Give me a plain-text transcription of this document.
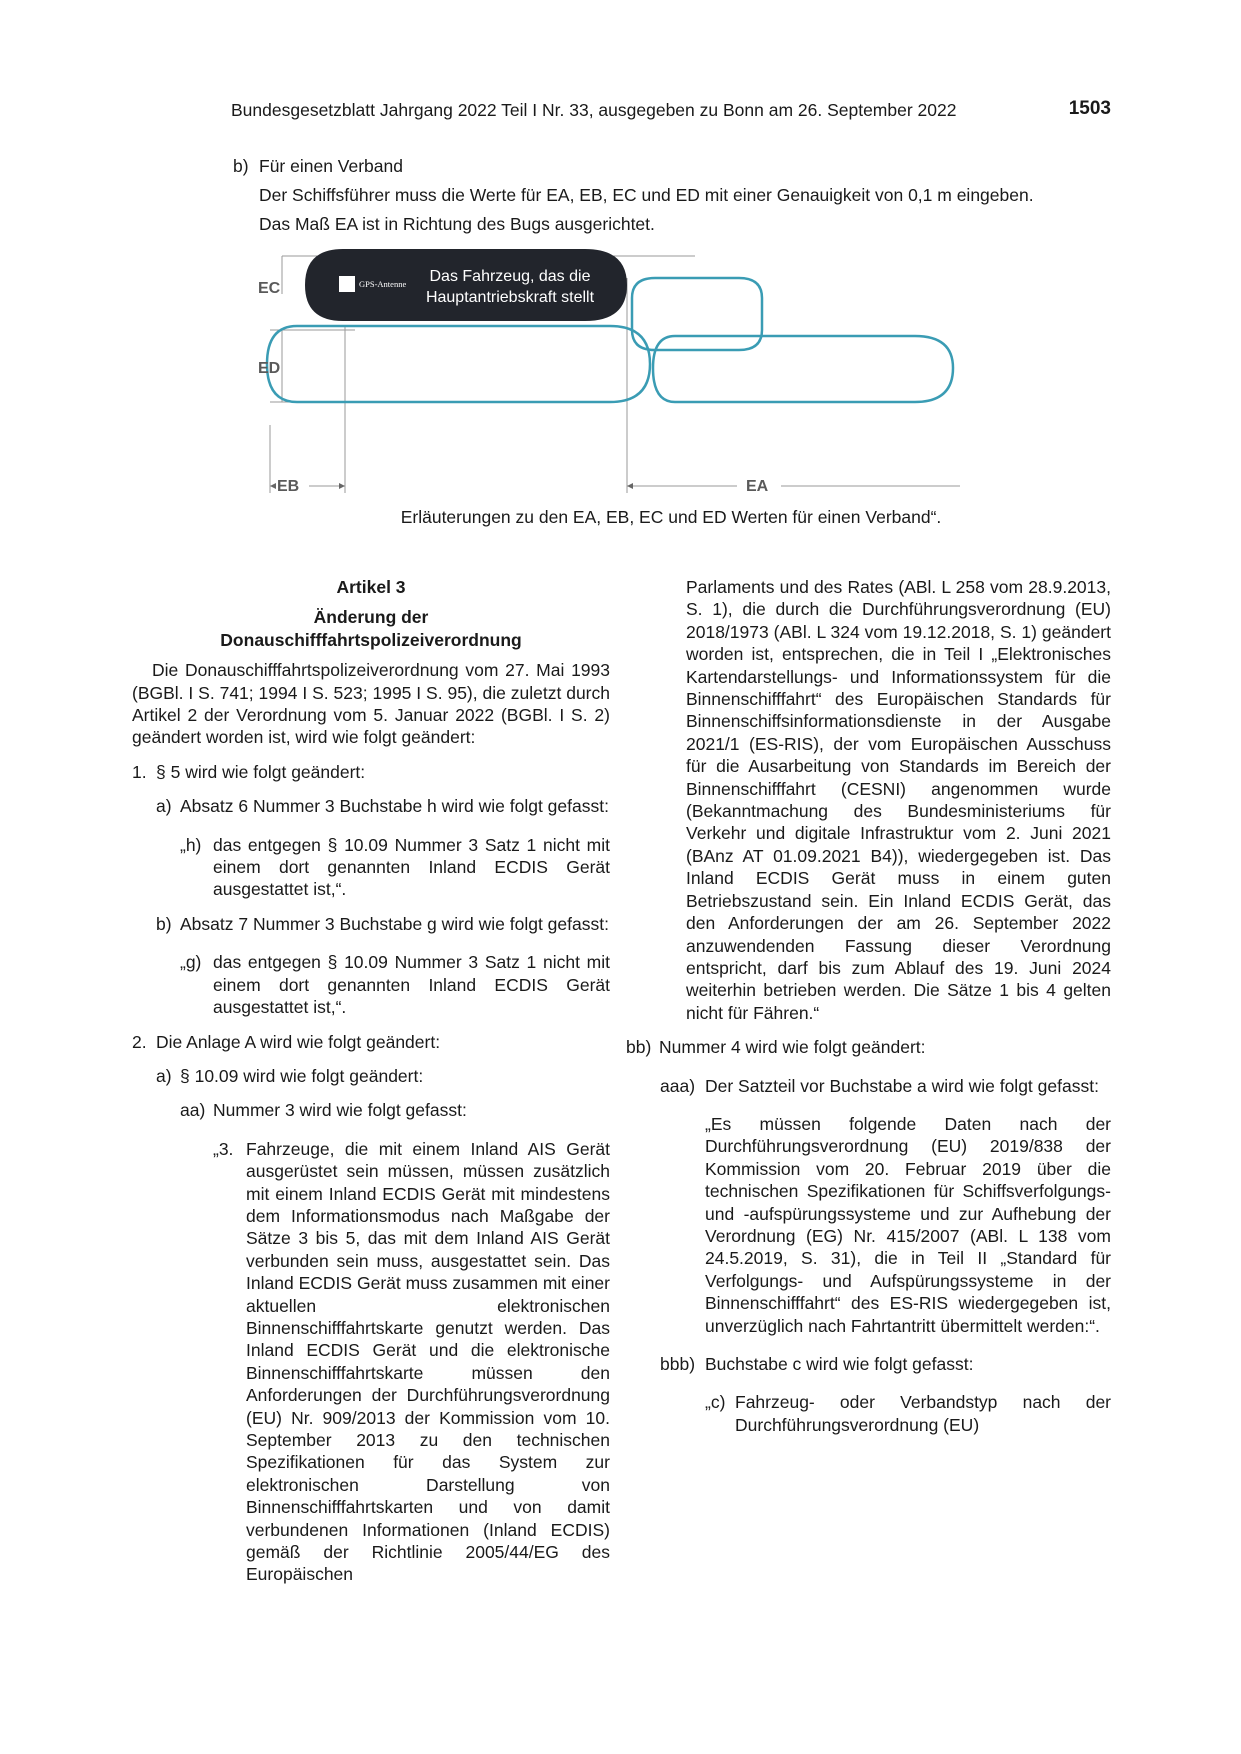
Bundesgesetzblatt Jahrgang 2022 Teil I Nr. 33, ausgegeben zu Bonn am 26. September 2022	1503
b) Für einen Verband
Der Schiffsführer muss die Werte für EA, EB, EC und ED mit einer Genauigkeit von 0,1 m eingeben.
Das Maß EA ist in Richtung des Bugs ausgerichtet.
GPS-Antenne Das Fahrzeug, das die
Hauptantriebskraft stellt
EC
ED
EB	EA
Erläuterungen zu den EA, EB, EC und ED Werten für einen Verband“.
Artikel 3
Änderung der
Donauschifffahrtspolizeiverordnung

Die Donauschifffahrtspolizeiverordnung vom 27. Mai 1993 (BGBl. I S. 741; 1994 I S. 523; 1995 I S. 95), die zuletzt durch Artikel 2 der Verordnung vom 5. Januar 2022 (BGBl. I S. 2) geändert worden ist, wird wie folgt geändert:

1. § 5 wird wie folgt geändert:
a) Absatz 6 Nummer 3 Buchstabe h wird wie folgt gefasst:
„h) das entgegen § 10.09 Nummer 3 Satz 1 nicht mit einem dort genannten Inland ECDIS Gerät ausgestattet ist,“.
b) Absatz 7 Nummer 3 Buchstabe g wird wie folgt gefasst:
„g) das entgegen § 10.09 Nummer 3 Satz 1 nicht mit einem dort genannten Inland ECDIS Gerät ausgestattet ist,“.
2. Die Anlage A wird wie folgt geändert:
a) § 10.09 wird wie folgt geändert:
aa) Nummer 3 wird wie folgt gefasst:
„3. Fahrzeuge, die mit einem Inland AIS Gerät ausgerüstet sein müssen, müssen zusätzlich mit einem Inland ECDIS Gerät mit mindestens dem Informationsmodus nach Maßgabe der Sätze 3 bis 5, das mit dem Inland AIS Gerät verbunden sein muss, ausgestattet sein. Das Inland ECDIS Gerät muss zusammen mit einer aktuellen elektronischen Binnenschifffahrtskarte genutzt werden. Das Inland ECDIS Gerät und die elektronische Binnenschifffahrtskarte müssen den Anforderungen der Durchführungsverordnung (EU) Nr. 909/2013 der Kommission vom 10. September 2013 zu den technischen Spezifikationen für das System zur elektronischen Darstellung von Binnenschifffahrtskarten und von damit verbundenen Informationen (Inland ECDIS) gemäß der Richtlinie 2005/44/EG des Europäischen

Parlaments und des Rates (ABl. L 258 vom 28.9.2013, S. 1), die durch die Durchführungsverordnung (EU) 2018/1973 (ABl. L 324 vom 19.12.2018, S. 1) geändert worden ist, entsprechen, die in Teil I „Elektronisches Kartendarstellungs- und Informationssystem für die Binnenschifffahrt“ des Europäischen Standards für Binnenschiffsinformationsdienste in der Ausgabe 2021/1 (ES-RIS), der vom Europäischen Ausschuss für die Ausarbeitung von Standards im Bereich der Binnenschifffahrt (CESNI) angenommen wurde (Bekanntmachung des Bundesministeriums für Verkehr und digitale Infrastruktur vom 2. Juni 2021 (BAnz AT 01.09.2021 B4)), wiedergegeben ist. Das Inland ECDIS Gerät muss in einem guten Betriebszustand sein. Ein Inland ECDIS Gerät, das den Anforderungen der am 26. September 2022 anzuwendenden Fassung dieser Verordnung entspricht, darf bis zum Ablauf des 19. Juni 2024 weiterhin betrieben werden. Die Sätze 1 bis 4 gelten nicht für Fähren.“

bb) Nummer 4 wird wie folgt geändert:
aaa) Der Satzteil vor Buchstabe a wird wie folgt gefasst:

„Es müssen folgende Daten nach der Durchführungsverordnung (EU) 2019/838 der Kommission vom 20. Februar 2019 über die technischen Spezifikationen für Schiffsverfolgungs- und -aufspürungssysteme und zur Aufhebung der Verordnung (EG) Nr. 415/2007 (ABl. L 138 vom 24.5.2019, S. 31), die in Teil II „Standard für Verfolgungs- und Aufspürungssysteme in der Binnenschifffahrt“ des ES-RIS wiedergegeben ist, unverzüglich nach Fahrtantritt übermittelt werden:“.

bbb) Buchstabe c wird wie folgt gefasst:
„c) Fahrzeug- oder Verbandstyp nach der Durchführungsverordnung (EU)
